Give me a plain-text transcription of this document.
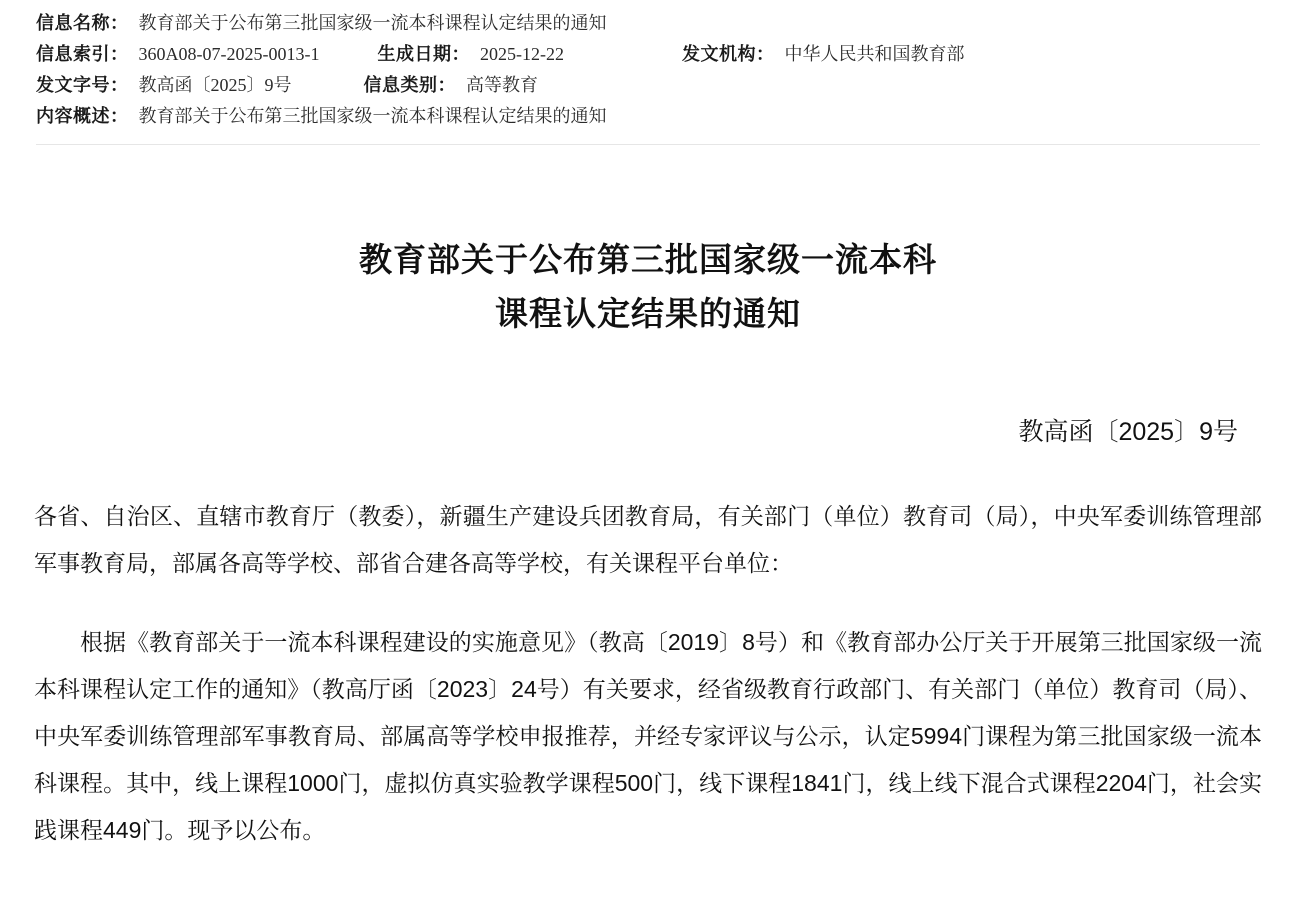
信息名称： 教育部关于公布第三批国家级一流本科课程认定结果的通知
信息索引： 360A08-07-2025-0013-1	生成日期： 2025-12-22	发文机构： 中华人民共和国教育部
发文字号： 教高函〔2025〕9号	信息类别： 高等教育
内容概述： 教育部关于公布第三批国家级一流本科课程认定结果的通知
教育部关于公布第三批国家级一流本科
课程认定结果的通知
教高函〔2025〕9号

各省、自治区、直辖市教育厅（教委），新疆生产建设兵团教育局，有关部门（单位）教育司（局），中央军委训练管理部军事教育局，部属各高等学校、部省合建各高等学校，有关课程平台单位：

根据《教育部关于一流本科课程建设的实施意见》（教高〔2019〕8号）和《教育部办公厅关于开展第三批国家级一流本科课程认定工作的通知》（教高厅函〔2023〕24号）有关要求，经省级教育行政部门、有关部门（单位）教育司（局）、中央军委训练管理部军事教育局、部属高等学校申报推荐，并经专家评议与公示，认定5994门课程为第三批国家级一流本科课程。其中，线上课程1000门，虚拟仿真实验教学课程500门，线下课程1841门，线上线下混合式课程2204门，社会实践课程449门。现予以公布。
